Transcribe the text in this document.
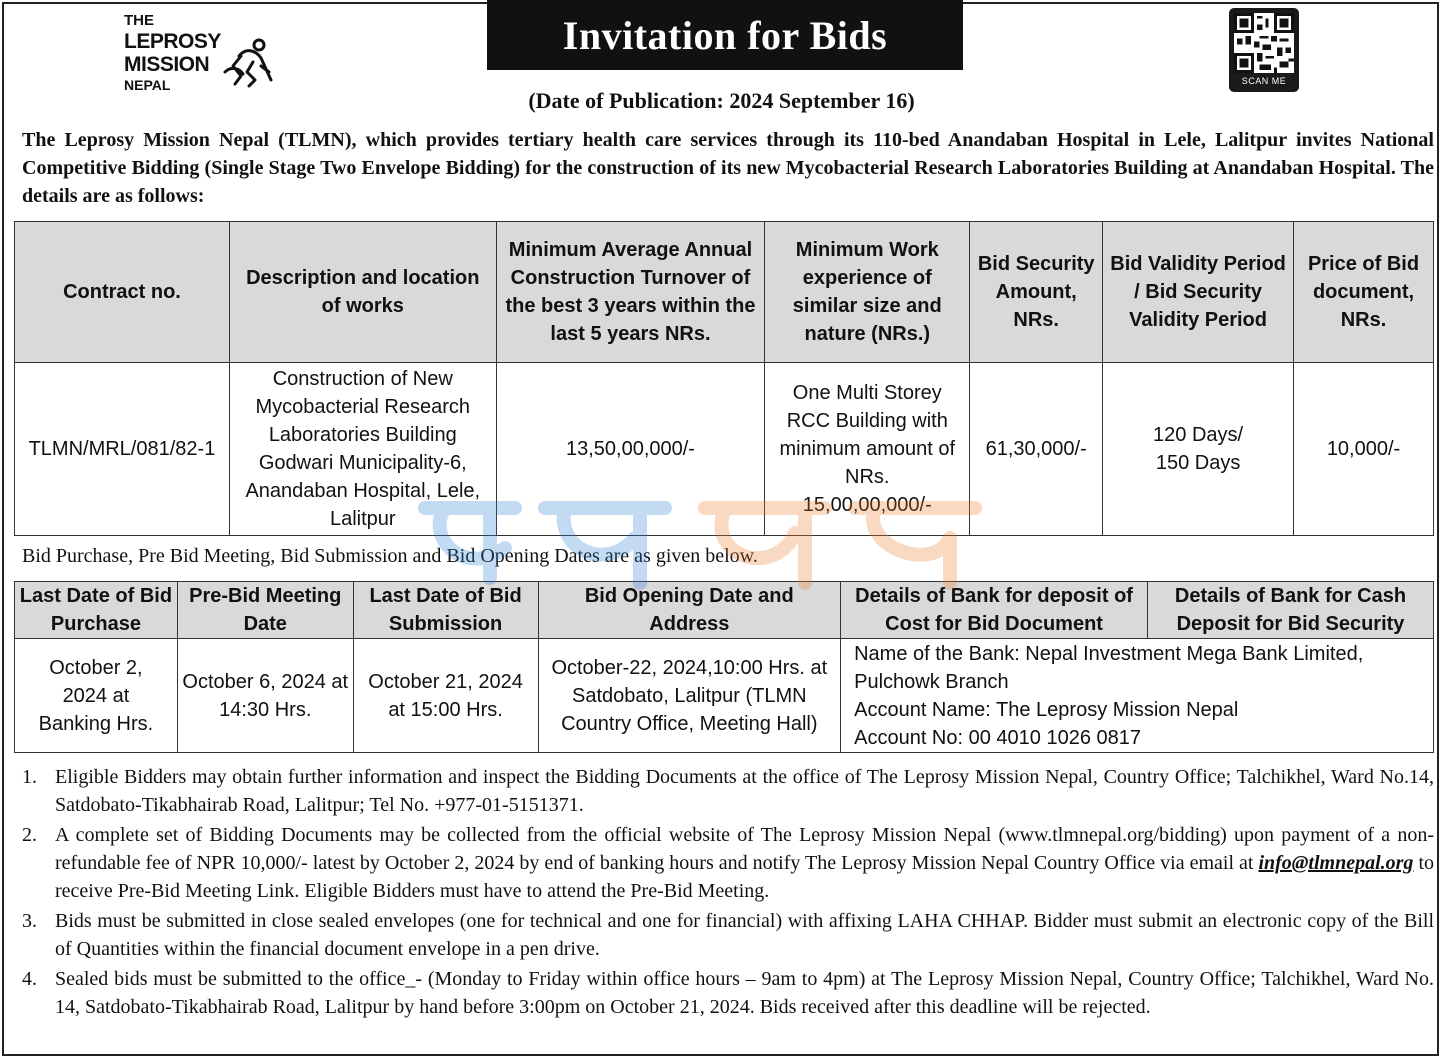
THE
LEPROSY
MISSION
NEPAL
Invitation for Bids
SCAN ME
(Date of Publication: 2024 September 16)

The Leprosy Mission Nepal (TLMN), which provides tertiary health care services through its 110-bed Anandaban Hospital in Lele, Lalitpur invites National Competitive Bidding (Single Stage Two Envelope Bidding) for the construction of its new Mycobacterial Research Laboratories Building at Anandaban Hospital. The details are as follows:

Contract no.	Description and location of works	Minimum Average Annual Construction Turnover of the best 3 years within the last 5 years NRs.	Minimum Work experience of similar size and nature (NRs.)	Bid Security Amount, NRs.	Bid Validity Period / Bid Security Validity Period	Price of Bid document, NRs.
TLMN/MRL/081/82-1	Construction of New Mycobacterial Research Laboratories Building Godwari Municipality-6, Anandaban Hospital, Lele, Lalitpur	13,50,00,000/-	One Multi Storey RCC Building with minimum amount of NRs. 15,00,00,000/-	61,30,000/-	120 Days/ 150 Days	10,000/-

Bid Purchase, Pre Bid Meeting, Bid Submission and Bid Opening Dates are as given below.

Last Date of Bid Purchase	Pre-Bid Meeting Date	Last Date of Bid Submission	Bid Opening Date and Address	Details of Bank for deposit of Cost for Bid Document	Details of Bank for Cash Deposit for Bid Security
October 2, 2024 at Banking Hrs.	October 6, 2024 at 14:30 Hrs.	October 21, 2024 at 15:00 Hrs.	October-22, 2024,10:00 Hrs. at Satdobato, Lalitpur (TLMN Country Office, Meeting Hall)	Name of the Bank: Nepal Investment Mega Bank Limited, Pulchowk Branch
Account Name: The Leprosy Mission Nepal
Account No: 00 4010 1026 0817	
1. Eligible Bidders may obtain further information and inspect the Bidding Documents at the office of The Leprosy Mission Nepal, Country Office; Talchikhel, Ward No.14, Satdobato-Tikabhairab Road, Lalitpur; Tel No. +977-01-5151371.
2. A complete set of Bidding Documents may be collected from the official website of The Leprosy Mission Nepal (www.tlmnepal.org/bidding) upon payment of a non-refundable fee of NPR 10,000/- latest by October 2, 2024 by end of banking hours and notify The Leprosy Mission Nepal Country Office via email at info@tlmnepal.org to receive Pre-Bid Meeting Link. Eligible Bidders must have to attend the Pre-Bid Meeting.
3. Bids must be submitted in close sealed envelopes (one for technical and one for financial) with affixing LAHA CHHAP. Bidder must submit an electronic copy of the Bill of Quantities within the financial document envelope in a pen drive.
4. Sealed bids must be submitted to the office_- (Monday to Friday within office hours – 9am to 4pm) at The Leprosy Mission Nepal, Country Office; Talchikhel, Ward No. 14, Satdobato-Tikabhairab Road, Lalitpur by hand before 3:00pm on October 21, 2024. Bids received after this deadline will be rejected.
